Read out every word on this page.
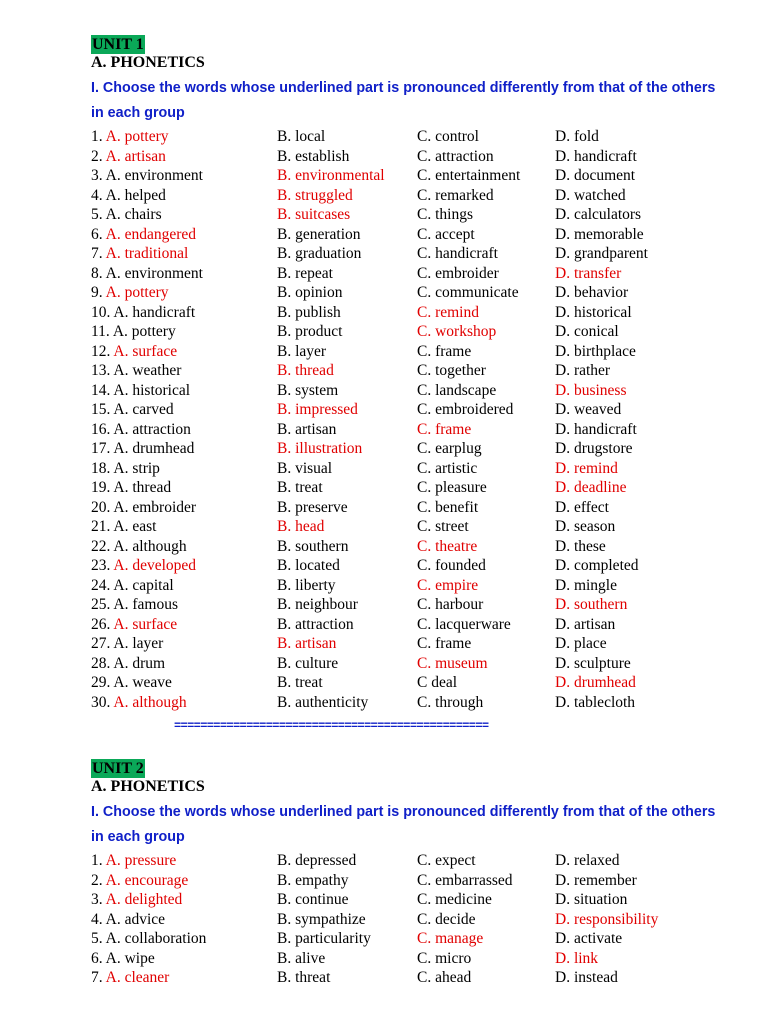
UNIT 1
A. PHONETICS
I. Choose the words whose underlined part is pronounced differently from that of the others in each group
1. A. pottery	B. local	C. control	D. fold
2. A. artisan	B. establish	C. attraction	D. handicraft
3. A. environment	B. environmental C. entertainment D. document
4. A. helped	B. struggled	C. remarked	D. watched
5. A. chairs	B. suitcases	C. things	D. calculators
6. A. endangered	B. generation	C. accept	D. memorable
7. A. traditional	B. graduation	C. handicraft	D. grandparent
8. A. environment	B. repeat	C. embroider	D. transfer
9. A. pottery	B. opinion	C. communicate D. behavior
10. A. handicraft	B. publish	C. remind	D. historical
11. A. pottery	B. product	C. workshop	D. conical
12. A. surface	B. layer	C. frame	D. birthplace
13. A. weather	B. thread	C. together	D. rather
14. A. historical	B. system	C. landscape	D. business
15. A. carved	B. impressed	C. embroidered	D. weaved
16. A. attraction	B. artisan	C. frame	D. handicraft
17. A. drumhead	B. illustration	C. earplug	D. drugstore
18. A. strip	B. visual	C. artistic	D. remind
19. A. thread	B. treat	C. pleasure	D. deadline
20. A. embroider	B. preserve	C. benefit	D. effect
21. A. east	B. head	C. street	D. season
22. A. although	B. southern	C. theatre	D. these
23. A. developed	B. located	C. founded	D. completed
24. A. capital	B. liberty	C. empire	D. mingle
25. A. famous	B. neighbour	C. harbour	D. southern
26. A. surface	B. attraction	C. lacquerware	D. artisan
27. A. layer	B. artisan	C. frame	D. place
28. A. drum	B. culture	C. museum	D. sculpture
29. A. weave	B. treat	C deal	D. drumhead
30. A. although	B. authenticity	C. through	D. tablecloth
================================================
UNIT 2
A. PHONETICS
I. Choose the words whose underlined part is pronounced differently from that of the others in each group
1. A. pressure	B. depressed	C. expect	D. relaxed
2. A. encourage	B. empathy	C. embarrassed	D. remember
3. A. delighted	B. continue	C. medicine	D. situation
4. A. advice	B. sympathize	C. decide	D. responsibility
5. A. collaboration	B. particularity	C. manage	D. activate
6. A. wipe	B. alive	C. micro	D. link
7. A. cleaner	B. threat	C. ahead	D. instead
